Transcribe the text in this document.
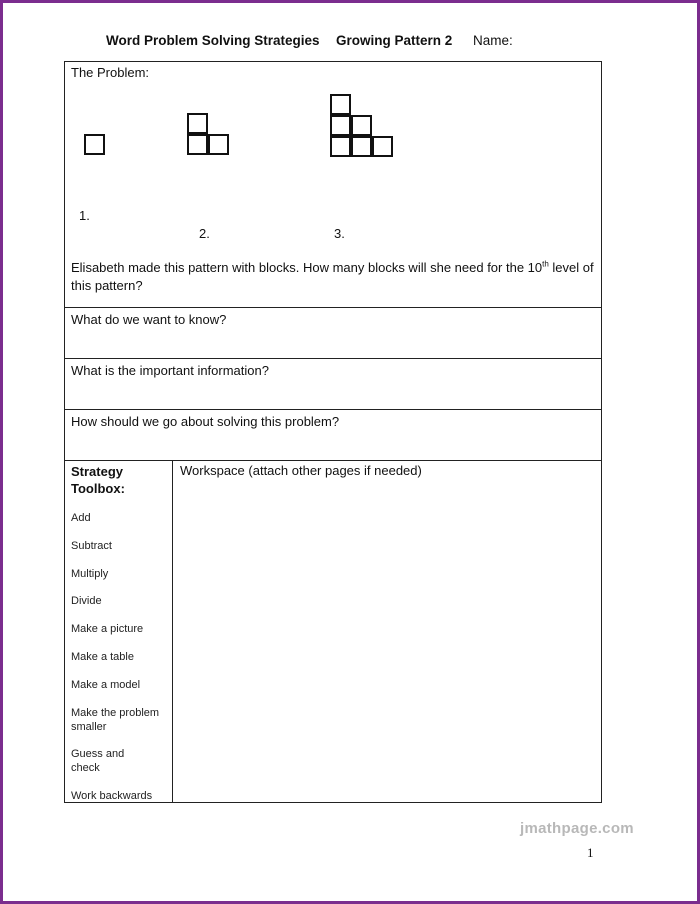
Word Problem Solving Strategies Growing Pattern 2 Name:
The Problem:
1.
2.	3.
Elisabeth made this pattern with blocks. How many blocks will she need for the 10th level of this pattern?
What do we want to know?
What is the important information?
How should we go about solving this problem?
Strategy Toolbox:
Add
Subtract
Multiply
Divide
Make a picture
Make a table
Make a model
Make the problem smaller
Guess and check
Work backwards
Workspace (attach other pages if needed)
jmathpage.com
1
